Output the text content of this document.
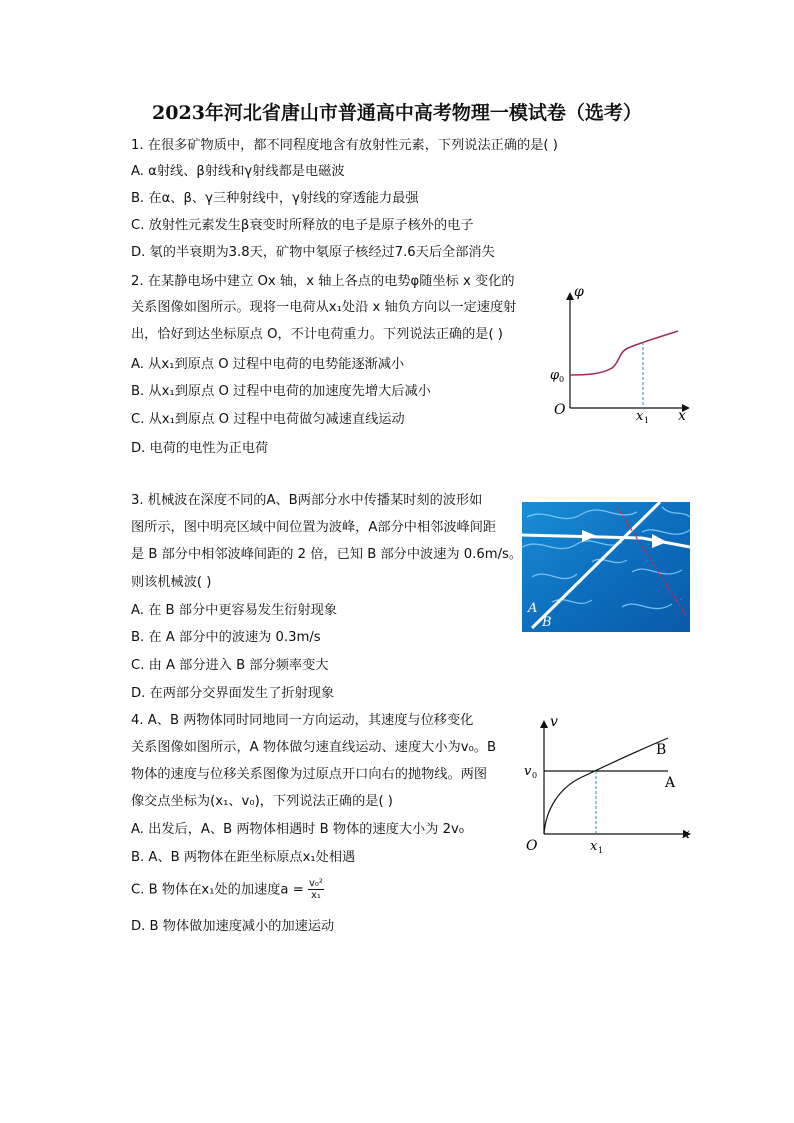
2023年河北省唐山市普通高中高考物理一模试卷（选考）
1. 在很多矿物质中，都不同程度地含有放射性元素，下列说法正确的是( )
A. α射线、β射线和γ射线都是电磁波
B. 在α、β、γ三种射线中，γ射线的穿透能力最强
C. 放射性元素发生β衰变时所释放的电子是原子核外的电子
D. 氡的半衰期为3.8天，矿物中氡原子核经过7.6天后全部消失
2. 在某静电场中建立 Ox 轴，x 轴上各点的电势φ随坐标 x 变化的
关系图像如图所示。现将一电荷从x₁处沿 x 轴负方向以一定速度射
出，恰好到达坐标原点 O，不计电荷重力。下列说法正确的是( )
A. 从x₁到原点 O 过程中电荷的电势能逐渐减小
B. 从x₁到原点 O 过程中电荷的加速度先增大后减小
C. 从x₁到原点 O 过程中电荷做匀减速直线运动
D. 电荷的电性为正电荷
φ
x
O
φ 0
x 1
3. 机械波在深度不同的A、B两部分水中传播某时刻的波形如
图所示，图中明亮区域中间位置为波峰，A部分中相邻波峰间距
是 B 部分中相邻波峰间距的 2 倍，已知 B 部分中波速为 0.6m/s。
则该机械波( )
A. 在 B 部分中更容易发生衍射现象
B. 在 A 部分中的波速为 0.3m/s
C. 由 A 部分进入 B 部分频率变大
D. 在两部分交界面发生了折射现象
A
B
4. A、B 两物体同时同地同一方向运动，其速度与位移变化
关系图像如图所示，A 物体做匀速直线运动、速度大小为v₀。B
物体的速度与位移关系图像为过原点开口向右的抛物线。两图
像交点坐标为(x₁、v₀)，下列说法正确的是( )
A. 出发后，A、B 两物体相遇时 B 物体的速度大小为 2v₀
B. A、B 两物体在距坐标原点x₁处相遇
C. B 物体在x₁处的加速度$a = \frac{\text{v₀²}}{\text{x₁}}$
D. B 物体做加速度减小的加速运动
v
x
O
v 0
x 1
B
A
